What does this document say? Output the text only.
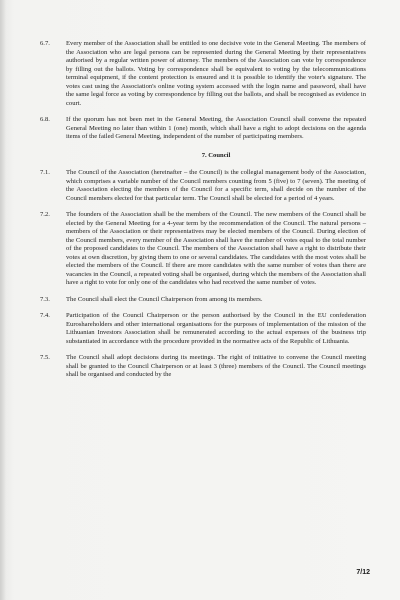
6.7.	Every member of the Association shall be entitled to one decisive vote in the General Meeting. The members of the Association who are legal persons can be represented during the General Meeting by their representatives authorised by a regular written power of attorney. The members of the Association can vote by correspondence by filling out the ballots. Voting by correspondence shall be equivalent to voting by the telecommunications terminal equipment, if the content protection is ensured and it is possible to identify the voter's signature. The votes cast using the Association's online voting system accessed with the login name and password, shall have the same legal force as voting by correspondence by filling out the ballots, and shall be recognised as evidence in court.
6.8.	If the quorum has not been met in the General Meeting, the Association Council shall convene the repeated General Meeting no later than within 1 (one) month, which shall have a right to adopt decisions on the agenda items of the failed General Meeting, independent of the number of participating members.
7. Council
7.1.	The Council of the Association (hereinafter – the Council) is the collegial management body of the Association, which comprises a variable number of the Council members counting from 5 (five) to 7 (seven). The meeting of the Association electing the members of the Council for a specific term, shall decide on the number of the Council members elected for that particular term. The Council shall be elected for a period of 4 years.
7.2.	The founders of the Association shall be the members of the Council. The new members of the Council shall be elected by the General Meeting for a 4-year term by the recommendation of the Council. The natural persons – members of the Association or their representatives may be elected members of the Council. During election of the Council members, every member of the Association shall have the number of votes equal to the total number of the proposed candidates to the Council. The members of the Association shall have a right to distribute their votes at own discretion, by giving them to one or several candidates. The candidates with the most votes shall be elected the members of the Council. If there are more candidates with the same number of votes than there are vacancies in the Council, a repeated voting shall be organised, during which the members of the Association shall have a right to vote for only one of the candidates who had received the same number of votes.
7.3.	The Council shall elect the Council Chairperson from among its members.
7.4.	Participation of the Council Chairperson or the person authorised by the Council in the EU confederation Euroshareholders and other international organisations for the purposes of implementation of the mission of the Lithuanian Investors Association shall be remunerated according to the actual expenses of the business trip substantiated in accordance with the procedure provided in the normative acts of the Republic of Lithuania.
7.5.	The Council shall adopt decisions during its meetings. The right of initiative to convene the Council meeting shall be granted to the Council Chairperson or at least 3 (three) members of the Council. The Council meetings shall be organised and conducted by the
7/12
